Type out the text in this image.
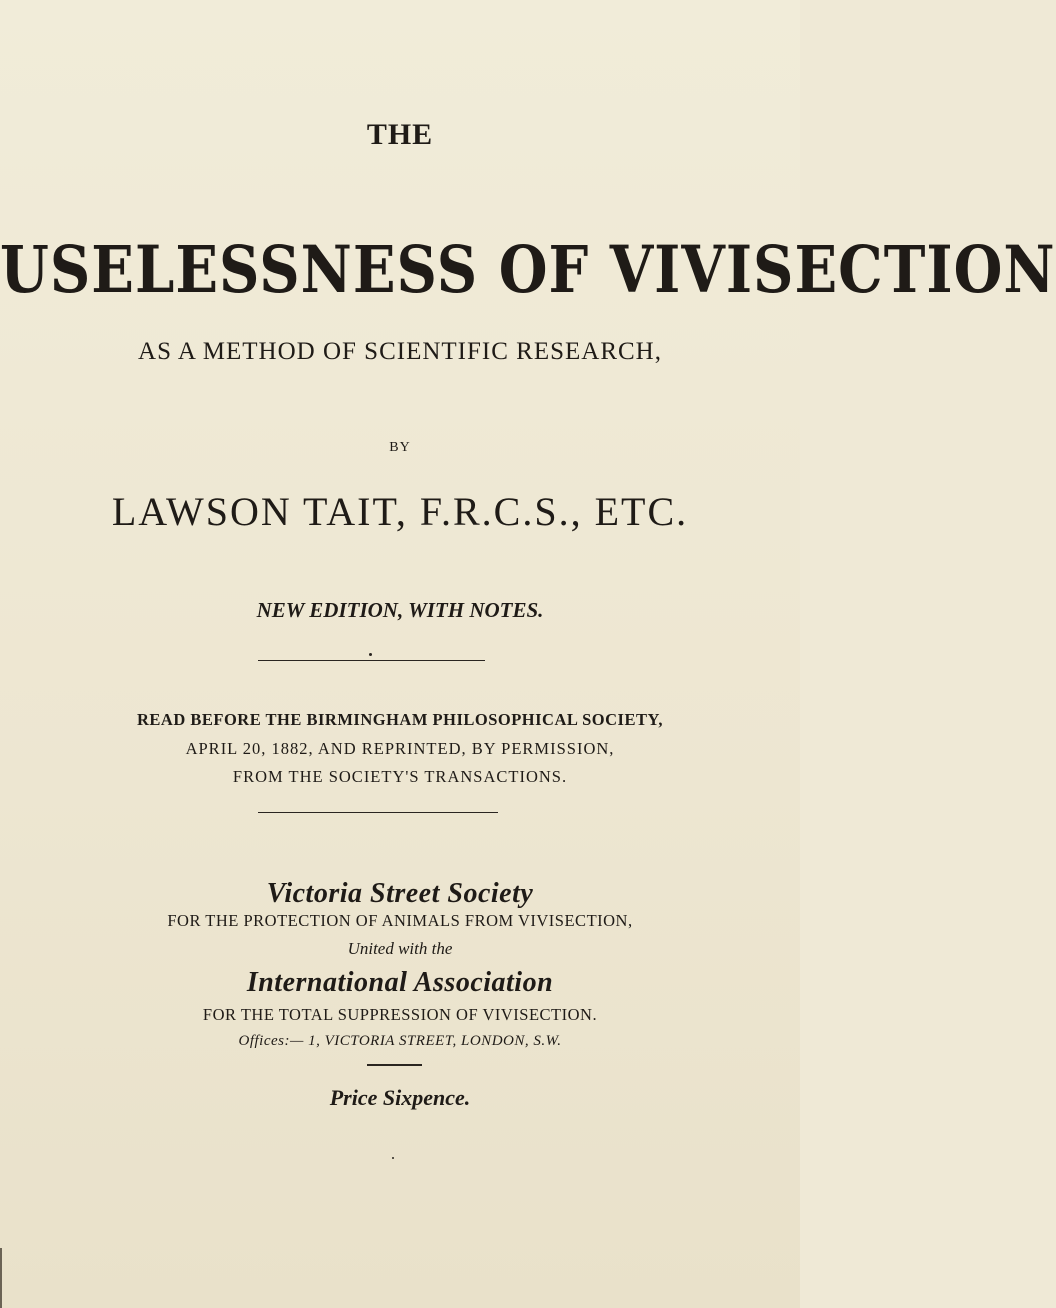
THE
USELESSNESS OF VIVISECTION
AS A METHOD OF SCIENTIFIC RESEARCH,
BY
LAWSON TAIT, F.R.C.S., ETC.
NEW EDITION, WITH NOTES.
READ BEFORE THE BIRMINGHAM PHILOSOPHICAL SOCIETY,
APRIL 20, 1882, AND REPRINTED, BY PERMISSION,
FROM THE SOCIETY'S TRANSACTIONS.
Victoria Street Society
FOR THE PROTECTION OF ANIMALS FROM VIVISECTION,
United with the
International Association
FOR THE TOTAL SUPPRESSION OF VIVISECTION.
Offices:— 1, VICTORIA STREET, LONDON, S.W.
Price Sixpence.
